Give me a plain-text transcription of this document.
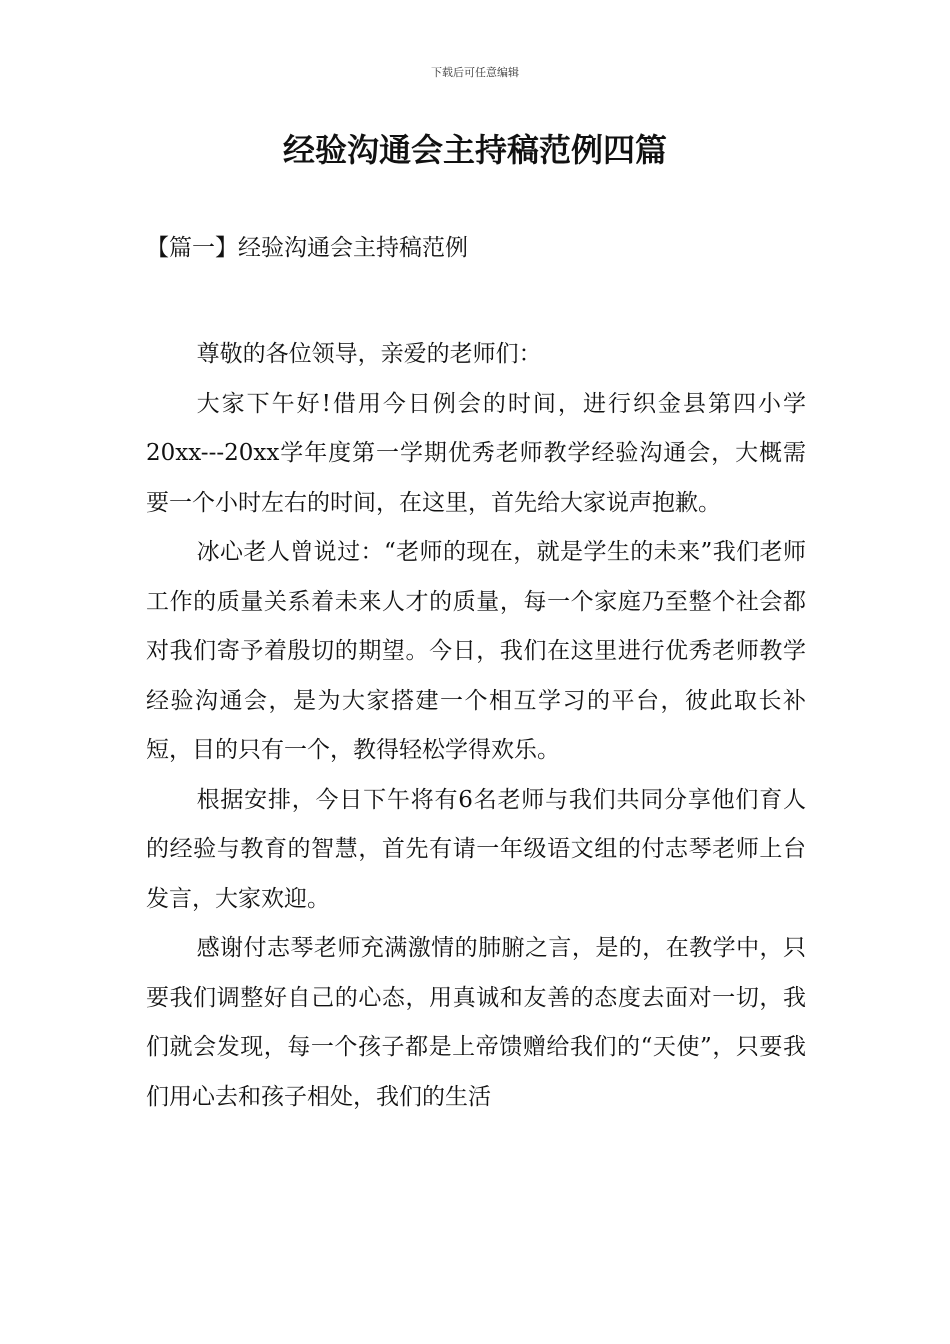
下载后可任意编辑
经验沟通会主持稿范例四篇
【篇一】经验沟通会主持稿范例

尊敬的各位领导，亲爱的老师们：

大家下午好!借用今日例会的时间，进行织金县第四小学20xx---20xx学年度第一学期优秀老师教学经验沟通会，大概需要一个小时左右的时间，在这里，首先给大家说声抱歉。

冰心老人曾说过：“老师的现在，就是学生的未来”我们老师工作的质量关系着未来人才的质量，每一个家庭乃至整个社会都对我们寄予着殷切的期望。今日，我们在这里进行优秀老师教学经验沟通会，是为大家搭建一个相互学习的平台，彼此取长补短，目的只有一个，教得轻松学得欢乐。

根据安排，今日下午将有6名老师与我们共同分享他们育人的经验与教育的智慧，首先有请一年级语文组的付志琴老师上台发言，大家欢迎。

感谢付志琴老师充满激情的肺腑之言，是的，在教学中，只要我们调整好自己的心态，用真诚和友善的态度去面对一切，我们就会发现，每一个孩子都是上帝馈赠给我们的“天使”，只要我们用心去和孩子相处，我们的生活
